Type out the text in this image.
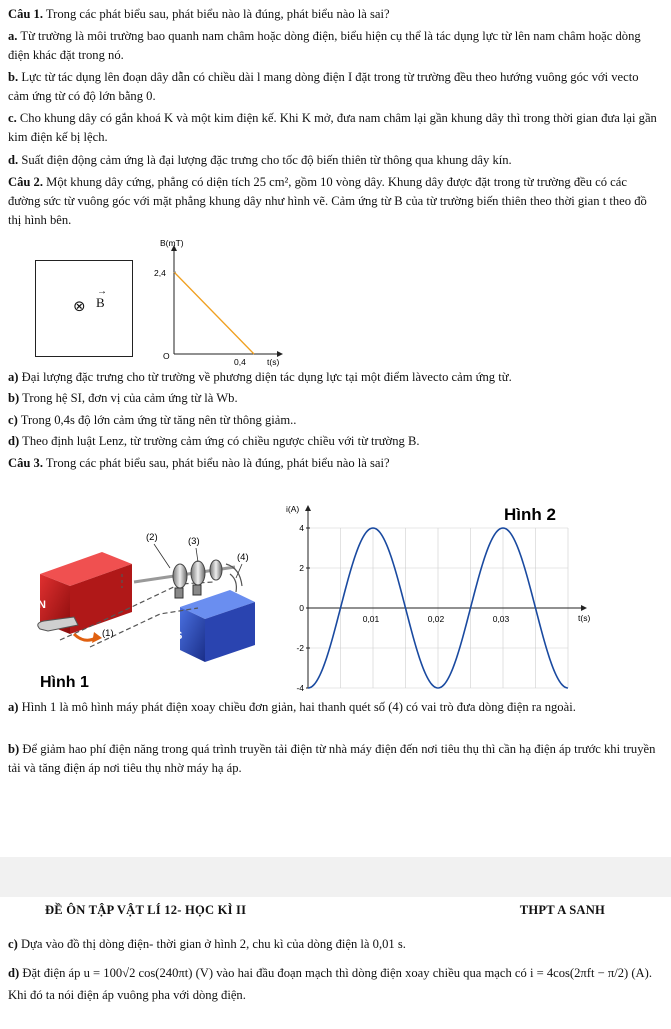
Câu 1. Trong các phát biểu sau, phát biểu nào là đúng, phát biểu nào là sai?
a. Từ trường là môi trường bao quanh nam châm hoặc dòng điện, biểu hiện cụ thể là tác dụng lực từ lên nam châm hoặc dòng điện khác đặt trong nó.
b. Lực từ tác dụng lên đoạn dây dẫn có chiều dài l mang dòng điện I đặt trong từ trường đều theo hướng vuông góc với vecto cảm ứng từ có độ lớn bằng 0.
c. Cho khung dây có gắn khoá K và một kim điện kế. Khi K mở, đưa nam châm lại gần khung dây thì trong thời gian đưa lại gần kim điện kế bị lệch.
d. Suất điện động cảm ứng là đại lượng đặc trưng cho tốc độ biến thiên từ thông qua khung dây kín.
Câu 2. Một khung dây cứng, phẳng có diện tích 25 cm², gồm 10 vòng dây. Khung dây được đặt trong từ trường đều có các đường sức từ vuông góc với mặt phẳng khung dây như hình vẽ. Cảm ứng từ B của từ trường biến thiên theo thời gian t theo đồ thị hình bên.
⊗
→
B
B(mT)
2,4
O
0,4 t(s)
a) Đại lượng đặc trưng cho từ trường về phương diện tác dụng lực tại một điểm làvecto cảm ứng từ.
b) Trong hệ SI, đơn vị của cảm ứng từ là Wb.
c) Trong 0,4s độ lớn cảm ứng từ tăng nên từ thông giảm..
d) Theo định luật Lenz, từ trường cảm ứng có chiều ngược chiều với từ trường B.
Câu 3. Trong các phát biểu sau, phát biểu nào là đúng, phát biểu nào là sai?
N
S
(1)
(2)	(3)
(4)
Hình 1
i(A)
t(s)
Hình 2
4
2
0
-2
-4
0,01	0,02	0,03
a) Hình 1 là mô hình máy phát điện xoay chiều đơn giản, hai thanh quét số (4) có vai trò đưa dòng điện ra ngoài.
b) Để giảm hao phí điện năng trong quá trình truyền tải điện từ nhà máy điện đến nơi tiêu thụ thì cần hạ điện áp trước khi truyền tải và tăng điện áp nơi tiêu thụ nhờ máy hạ áp.
ĐỀ ÔN TẬP VẬT LÍ 12- HỌC KÌ II	THPT A SANH
c) Dựa vào đồ thị dòng điện- thời gian ở hình 2, chu kì của dòng điện là 0,01 s.
d) Đặt điện áp u = 100√2 cos(240πt) (V) vào hai đầu đoạn mạch thì dòng điện xoay chiều qua mạch có i = 4cos(2πft − π/2) (A). Khi đó ta nói điện áp vuông pha với dòng điện.
